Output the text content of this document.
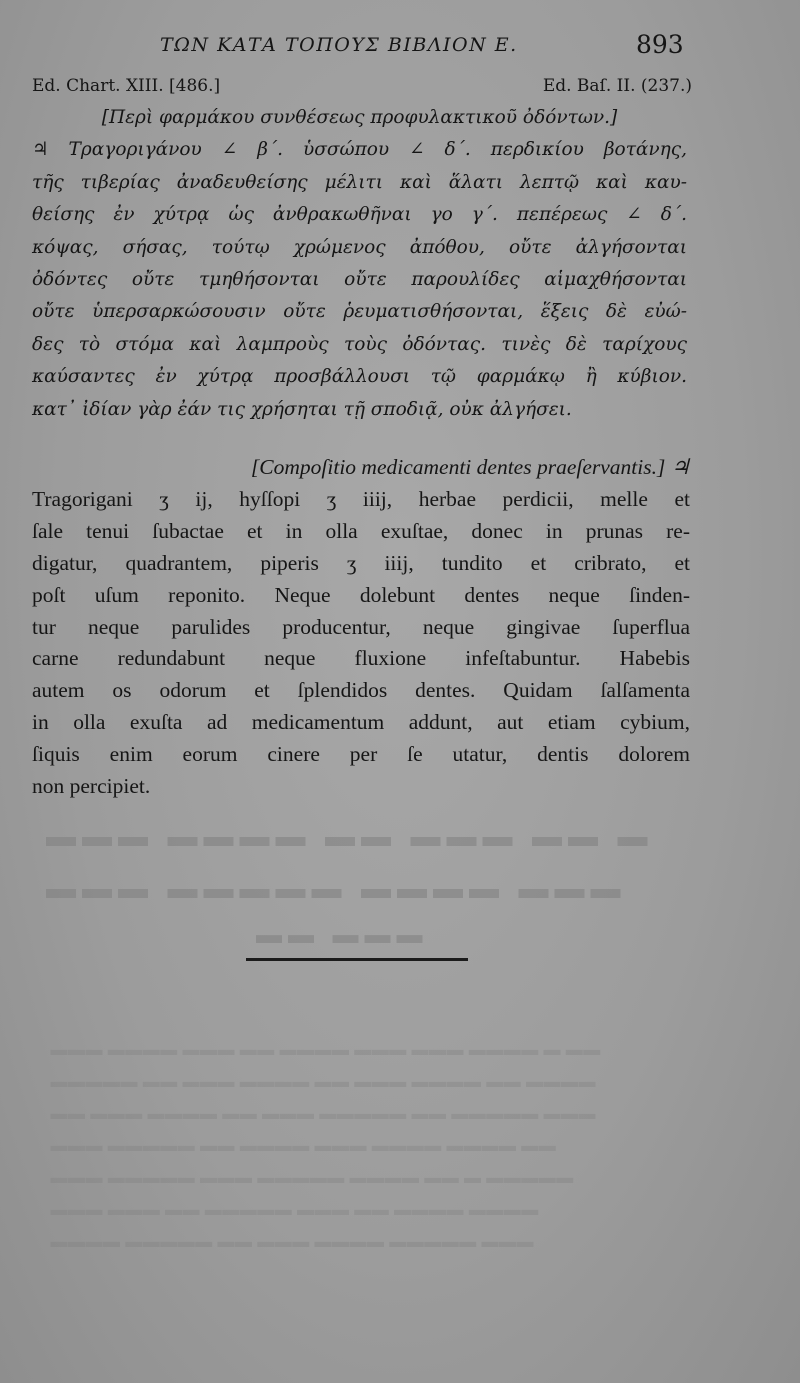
▬ ▬▬ ▬▬▬ ▬▬ ▬▬▬▬ ▬▬▬
▬▬▬ ▬▬▬▬ ▬▬▬▬▬ ▬▬▬
▬▬▬ ▬▬
▬▬ ▬ ▬▬▬▬ ▬▬▬ ▬▬▬ ▬▬▬▬ ▬▬ ▬▬▬ ▬▬▬▬ ▬▬▬
▬▬▬▬ ▬▬ ▬▬▬▬ ▬▬▬ ▬▬ ▬▬▬▬ ▬▬▬ ▬▬ ▬▬▬▬▬
▬▬▬ ▬▬▬▬▬ ▬▬ ▬▬▬▬▬ ▬▬▬ ▬▬ ▬▬▬▬ ▬▬▬ ▬▬
▬▬ ▬▬▬▬ ▬▬▬▬ ▬▬▬ ▬▬▬▬ ▬▬ ▬▬▬▬▬ ▬▬▬
▬▬▬▬▬ ▬ ▬▬ ▬▬▬▬ ▬▬▬▬▬ ▬▬▬ ▬▬▬▬▬ ▬▬▬
▬▬▬▬ ▬▬▬▬ ▬▬ ▬▬▬ ▬▬▬▬▬ ▬▬ ▬▬▬ ▬▬▬
▬▬▬ ▬▬▬▬▬ ▬▬▬▬ ▬▬▬ ▬▬ ▬▬▬▬▬ ▬▬▬▬
ΤΩΝ ΚΑΤΑ ΤΟΠΟΥΣ ΒΙΒΛΙΟΝ Ε.	893
Ed. Chart. XIII. [486.]	Ed. Baſ. II. (237.)
[Περὶ φαρμάκου συνθέσεως προφυλακτικοῦ ὀδόντων.]
♃ Τραγοριγάνου ∠ β΄. ὑσσώπου ∠ δ΄. περδικίου βοτάνης,
τῆς τιβερίας ἀναδευθείσης μέλιτι καὶ ἅλατι λεπτῷ καὶ καυ-
θείσης ἐν χύτρᾳ ὡς ἀνθρακωθῆναι γο γ΄. πεπέρεως ∠ δ΄.
κόψας, σήσας, τούτῳ χρώμενος ἀπόθου, οὔτε ἀλγήσονται
ὀδόντες οὔτε τμηθήσονται οὔτε παρουλίδες αἱμαχθήσονται
οὔτε ὑπερσαρκώσουσιν οὔτε ῥευματισθήσονται, ἕξεις δὲ εὐώ-
δες τὸ στόμα καὶ λαμπροὺς τοὺς ὀδόντας. τινὲς δὲ ταρίχους
καύσαντες ἐν χύτρᾳ προσβάλλουσι τῷ φαρμάκῳ ἢ κύβιον.
κατ᾽ ἰδίαν γὰρ ἐάν τις χρήσηται τῇ σποδιᾷ, οὐκ ἀλγήσει.
[Compoſitio medicamenti dentes praeſervantis.] ♃
Tragorigani ʒ ij, hyſſopi ʒ iiij, herbae perdicii, melle et
ſale tenui ſubactae et in olla exuſtae, donec in prunas re-
digatur, quadrantem, piperis ʒ iiij, tundito et cribrato, et
poſt uſum reponito. Neque dolebunt dentes neque ſinden-
tur neque parulides producentur, neque gingivae ſuperflua
carne redundabunt neque fluxione infeſtabuntur. Habebis
autem os odorum et ſplendidos dentes. Quidam ſalſamenta
in olla exuſta ad medicamentum addunt, aut etiam cybium,
ſiquis enim eorum cinere per ſe utatur, dentis dolorem
non percipiet.
